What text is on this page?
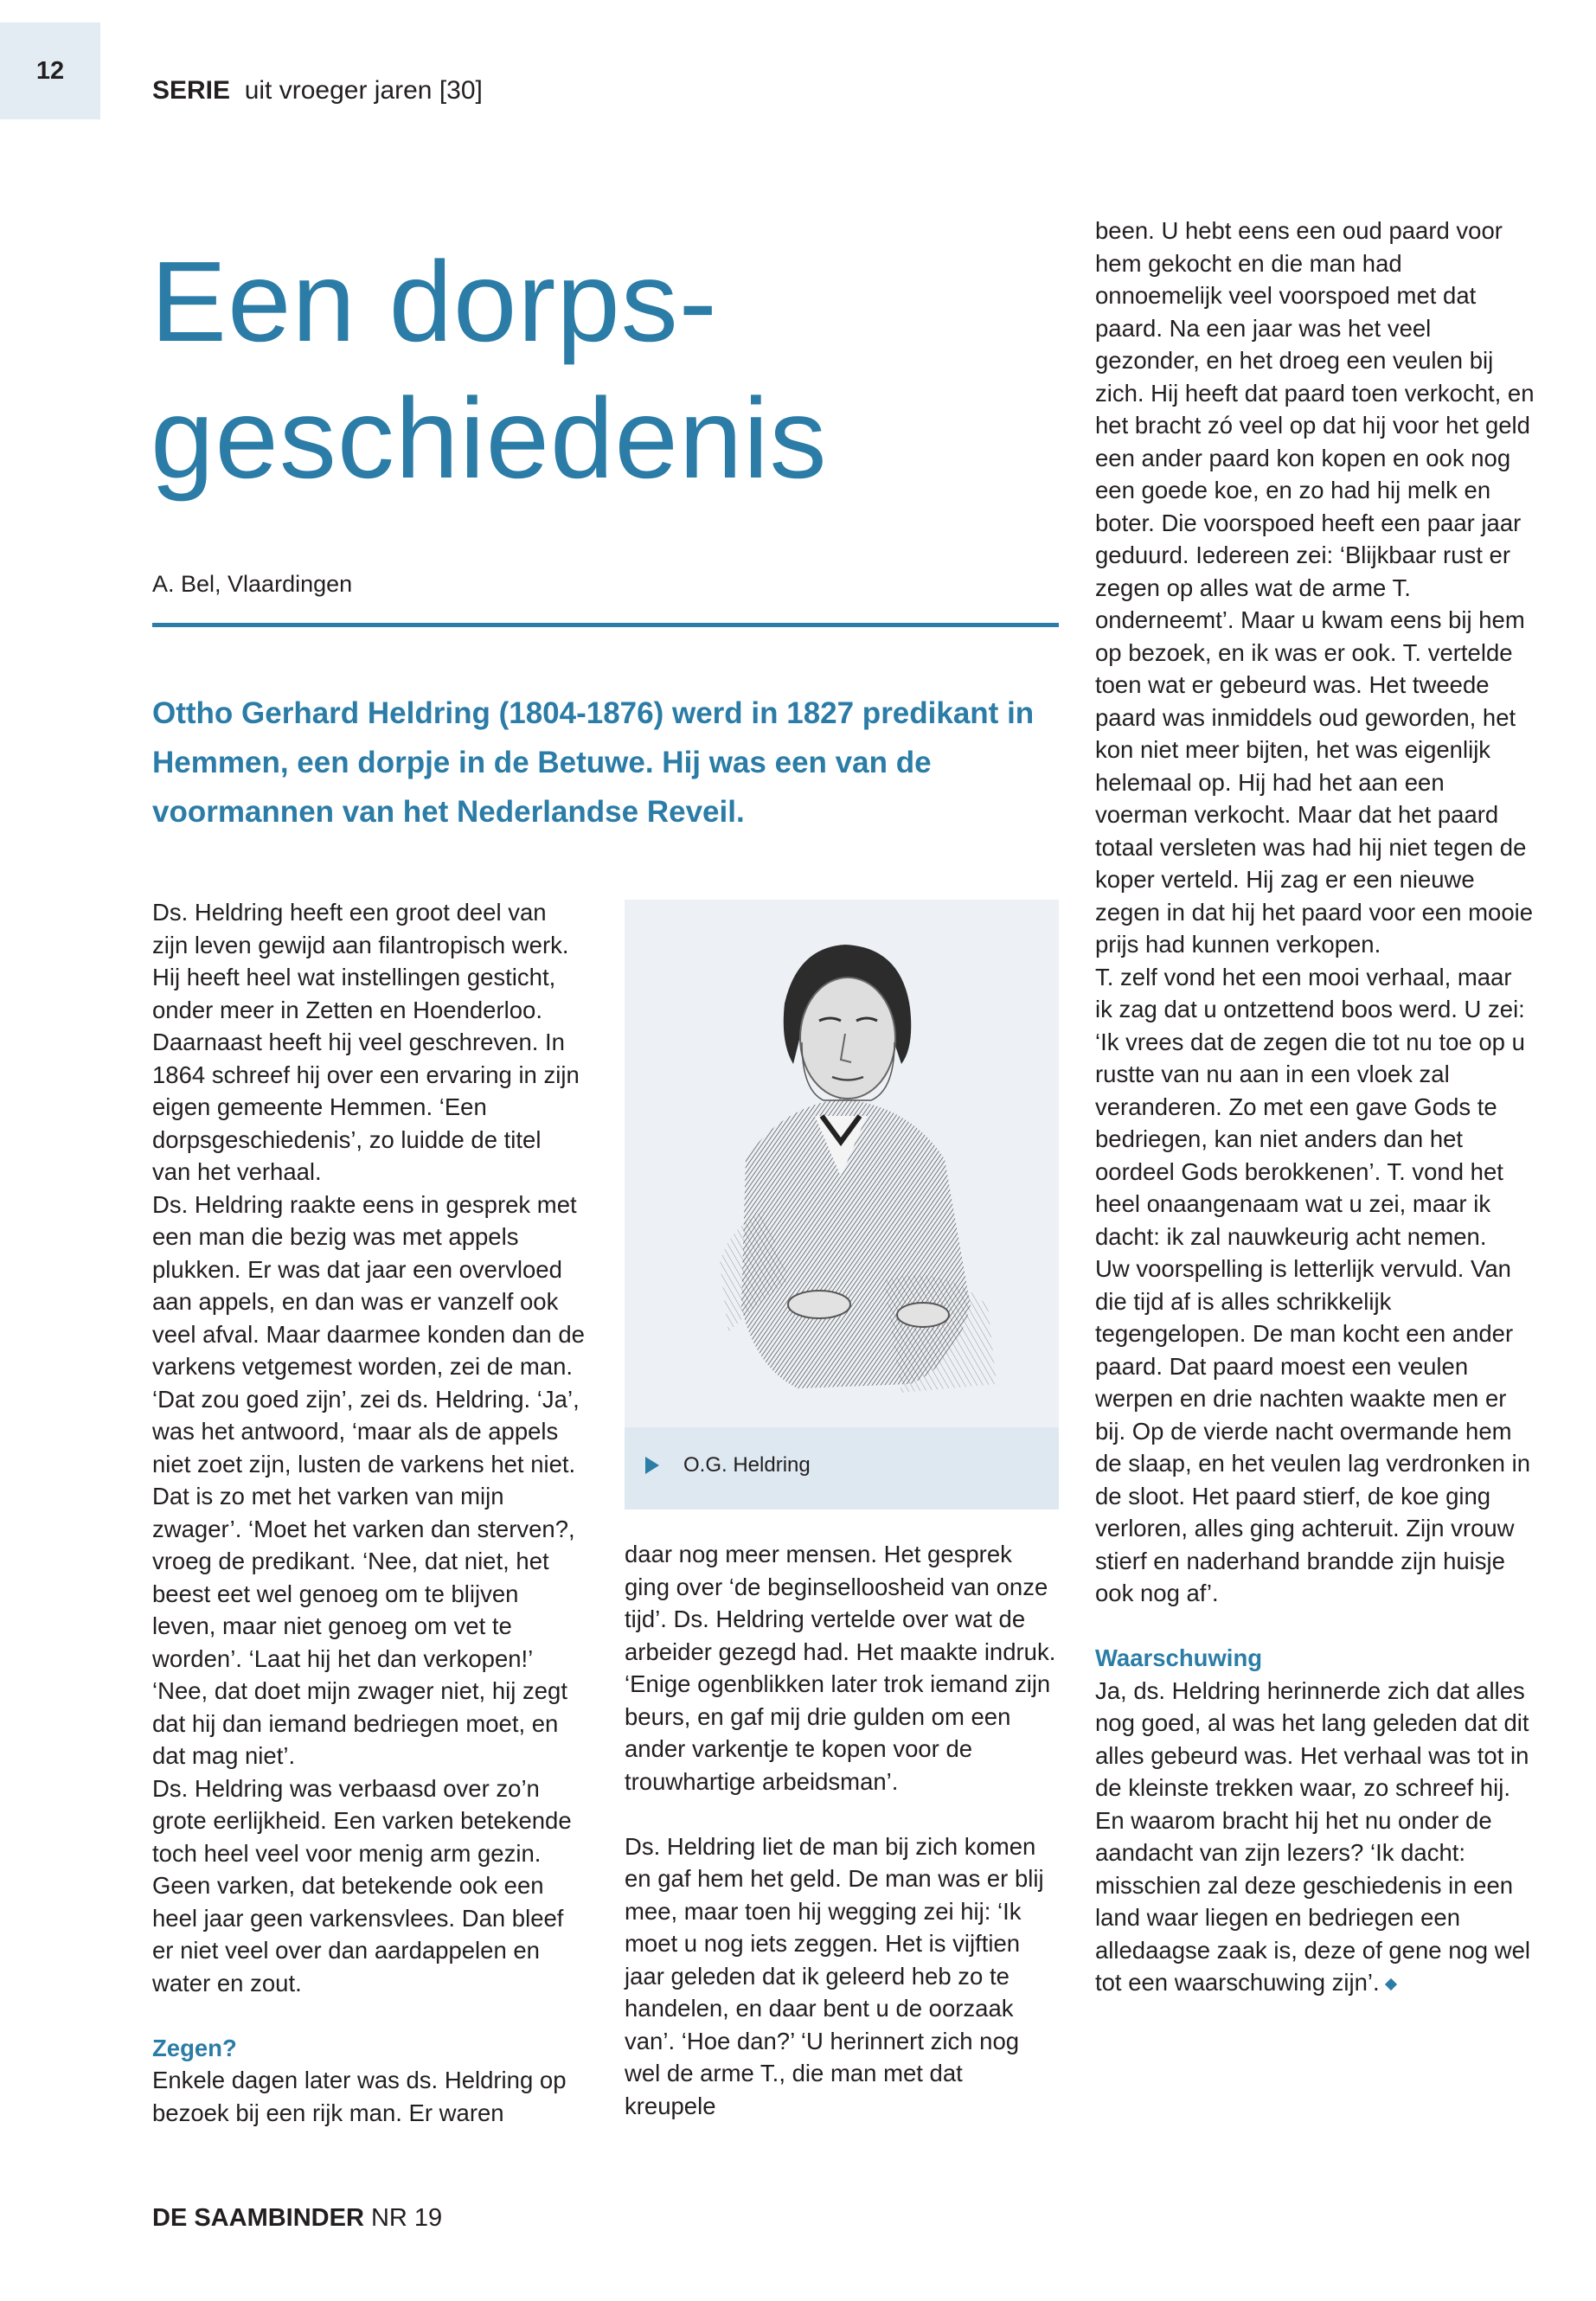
12
SERIE uit vroeger jaren [30]
Een dorps-
geschiedenis
A. Bel, Vlaardingen
Ottho Gerhard Heldring (1804-1876) werd in 1827 predikant in Hemmen, een dorpje in de Betuwe. Hij was een van de voormannen van het Nederlandse Reveil.

Ds. Heldring heeft een groot deel van zijn leven gewijd aan filantropisch werk. Hij heeft heel wat instellingen gesticht, onder meer in Zetten en Hoenderloo. Daarnaast heeft hij veel geschreven. In 1864 schreef hij over een ervaring in zijn eigen gemeente Hemmen. ‘Een dorpsgeschiedenis’, zo luidde de titel van het verhaal.

Ds. Heldring raakte eens in gesprek met een man die bezig was met appels plukken. Er was dat jaar een overvloed aan appels, en dan was er vanzelf ook veel afval. Maar daarmee konden dan de varkens vetgemest worden, zei de man. ‘Dat zou goed zijn’, zei ds. Heldring. ‘Ja’, was het antwoord, ‘maar als de appels niet zoet zijn, lusten de varkens het niet. Dat is zo met het varken van mijn zwager’. ‘Moet het varken dan sterven?, vroeg de predikant. ‘Nee, dat niet, het beest eet wel genoeg om te blijven leven, maar niet genoeg om vet te worden’. ‘Laat hij het dan verkopen!’ ‘Nee, dat doet mijn zwager niet, hij zegt dat hij dan iemand bedriegen moet, en dat mag niet’.

Ds. Heldring was verbaasd over zo’n grote eerlijkheid. Een varken betekende toch heel veel voor menig arm gezin. Geen varken, dat betekende ook een heel jaar geen varkensvlees. Dan bleef er niet veel over dan aardappelen en water en zout.

Zegen?

Enkele dagen later was ds. Heldring op bezoek bij een rijk man. Er waren

O.G. Heldring

daar nog meer mensen. Het gesprek ging over ‘de beginselloosheid van onze tijd’. Ds. Heldring vertelde over wat de arbeider gezegd had. Het maakte indruk. ‘Enige ogenblikken later trok iemand zijn beurs, en gaf mij drie gulden om een ander varkentje te kopen voor de trouwhartige arbeidsman’.

Ds. Heldring liet de man bij zich komen en gaf hem het geld. De man was er blij mee, maar toen hij wegging zei hij: ‘Ik moet u nog iets zeggen. Het is vijftien jaar geleden dat ik geleerd heb zo te handelen, en daar bent u de oorzaak van’. ‘Hoe dan?’ ‘U herinnert zich nog wel de arme T., die man met dat kreupele

been. U hebt eens een oud paard voor hem gekocht en die man had onnoemelijk veel voorspoed met dat paard. Na een jaar was het veel gezonder, en het droeg een veulen bij zich. Hij heeft dat paard toen verkocht, en het bracht zó veel op dat hij voor het geld een ander paard kon kopen en ook nog een goede koe, en zo had hij melk en boter. Die voorspoed heeft een paar jaar geduurd. Iedereen zei: ‘Blijkbaar rust er zegen op alles wat de arme T. onderneemt’. Maar u kwam eens bij hem op bezoek, en ik was er ook. T. vertelde toen wat er gebeurd was. Het tweede paard was inmiddels oud geworden, het kon niet meer bijten, het was eigenlijk helemaal op. Hij had het aan een voerman verkocht. Maar dat het paard totaal versleten was had hij niet tegen de koper verteld. Hij zag er een nieuwe zegen in dat hij het paard voor een mooie prijs had kunnen verkopen.

T. zelf vond het een mooi verhaal, maar ik zag dat u ontzettend boos werd. U zei: ‘Ik vrees dat de zegen die tot nu toe op u rustte van nu aan in een vloek zal veranderen. Zo met een gave Gods te bedriegen, kan niet anders dan het oordeel Gods berokkenen’. T. vond het heel onaangenaam wat u zei, maar ik dacht: ik zal nauwkeurig acht nemen.

Uw voorspelling is letterlijk vervuld. Van die tijd af is alles schrikkelijk tegengelopen. De man kocht een ander paard. Dat paard moest een veulen werpen en drie nachten waakte men er bij. Op de vierde nacht overmande hem de slaap, en het veulen lag verdronken in de sloot. Het paard stierf, de koe ging verloren, alles ging achteruit. Zijn vrouw stierf en naderhand brandde zijn huisje ook nog af’.

Waarschuwing

Ja, ds. Heldring herinnerde zich dat alles nog goed, al was het lang geleden dat dit alles gebeurd was. Het verhaal was tot in de kleinste trekken waar, zo schreef hij.

En waarom bracht hij het nu onder de aandacht van zijn lezers? ‘Ik dacht: misschien zal deze geschiedenis in een land waar liegen en bedriegen een alledaagse zaak is, deze of gene nog wel tot een waarschuwing zijn’.

DE SAAMBINDER NR 19
